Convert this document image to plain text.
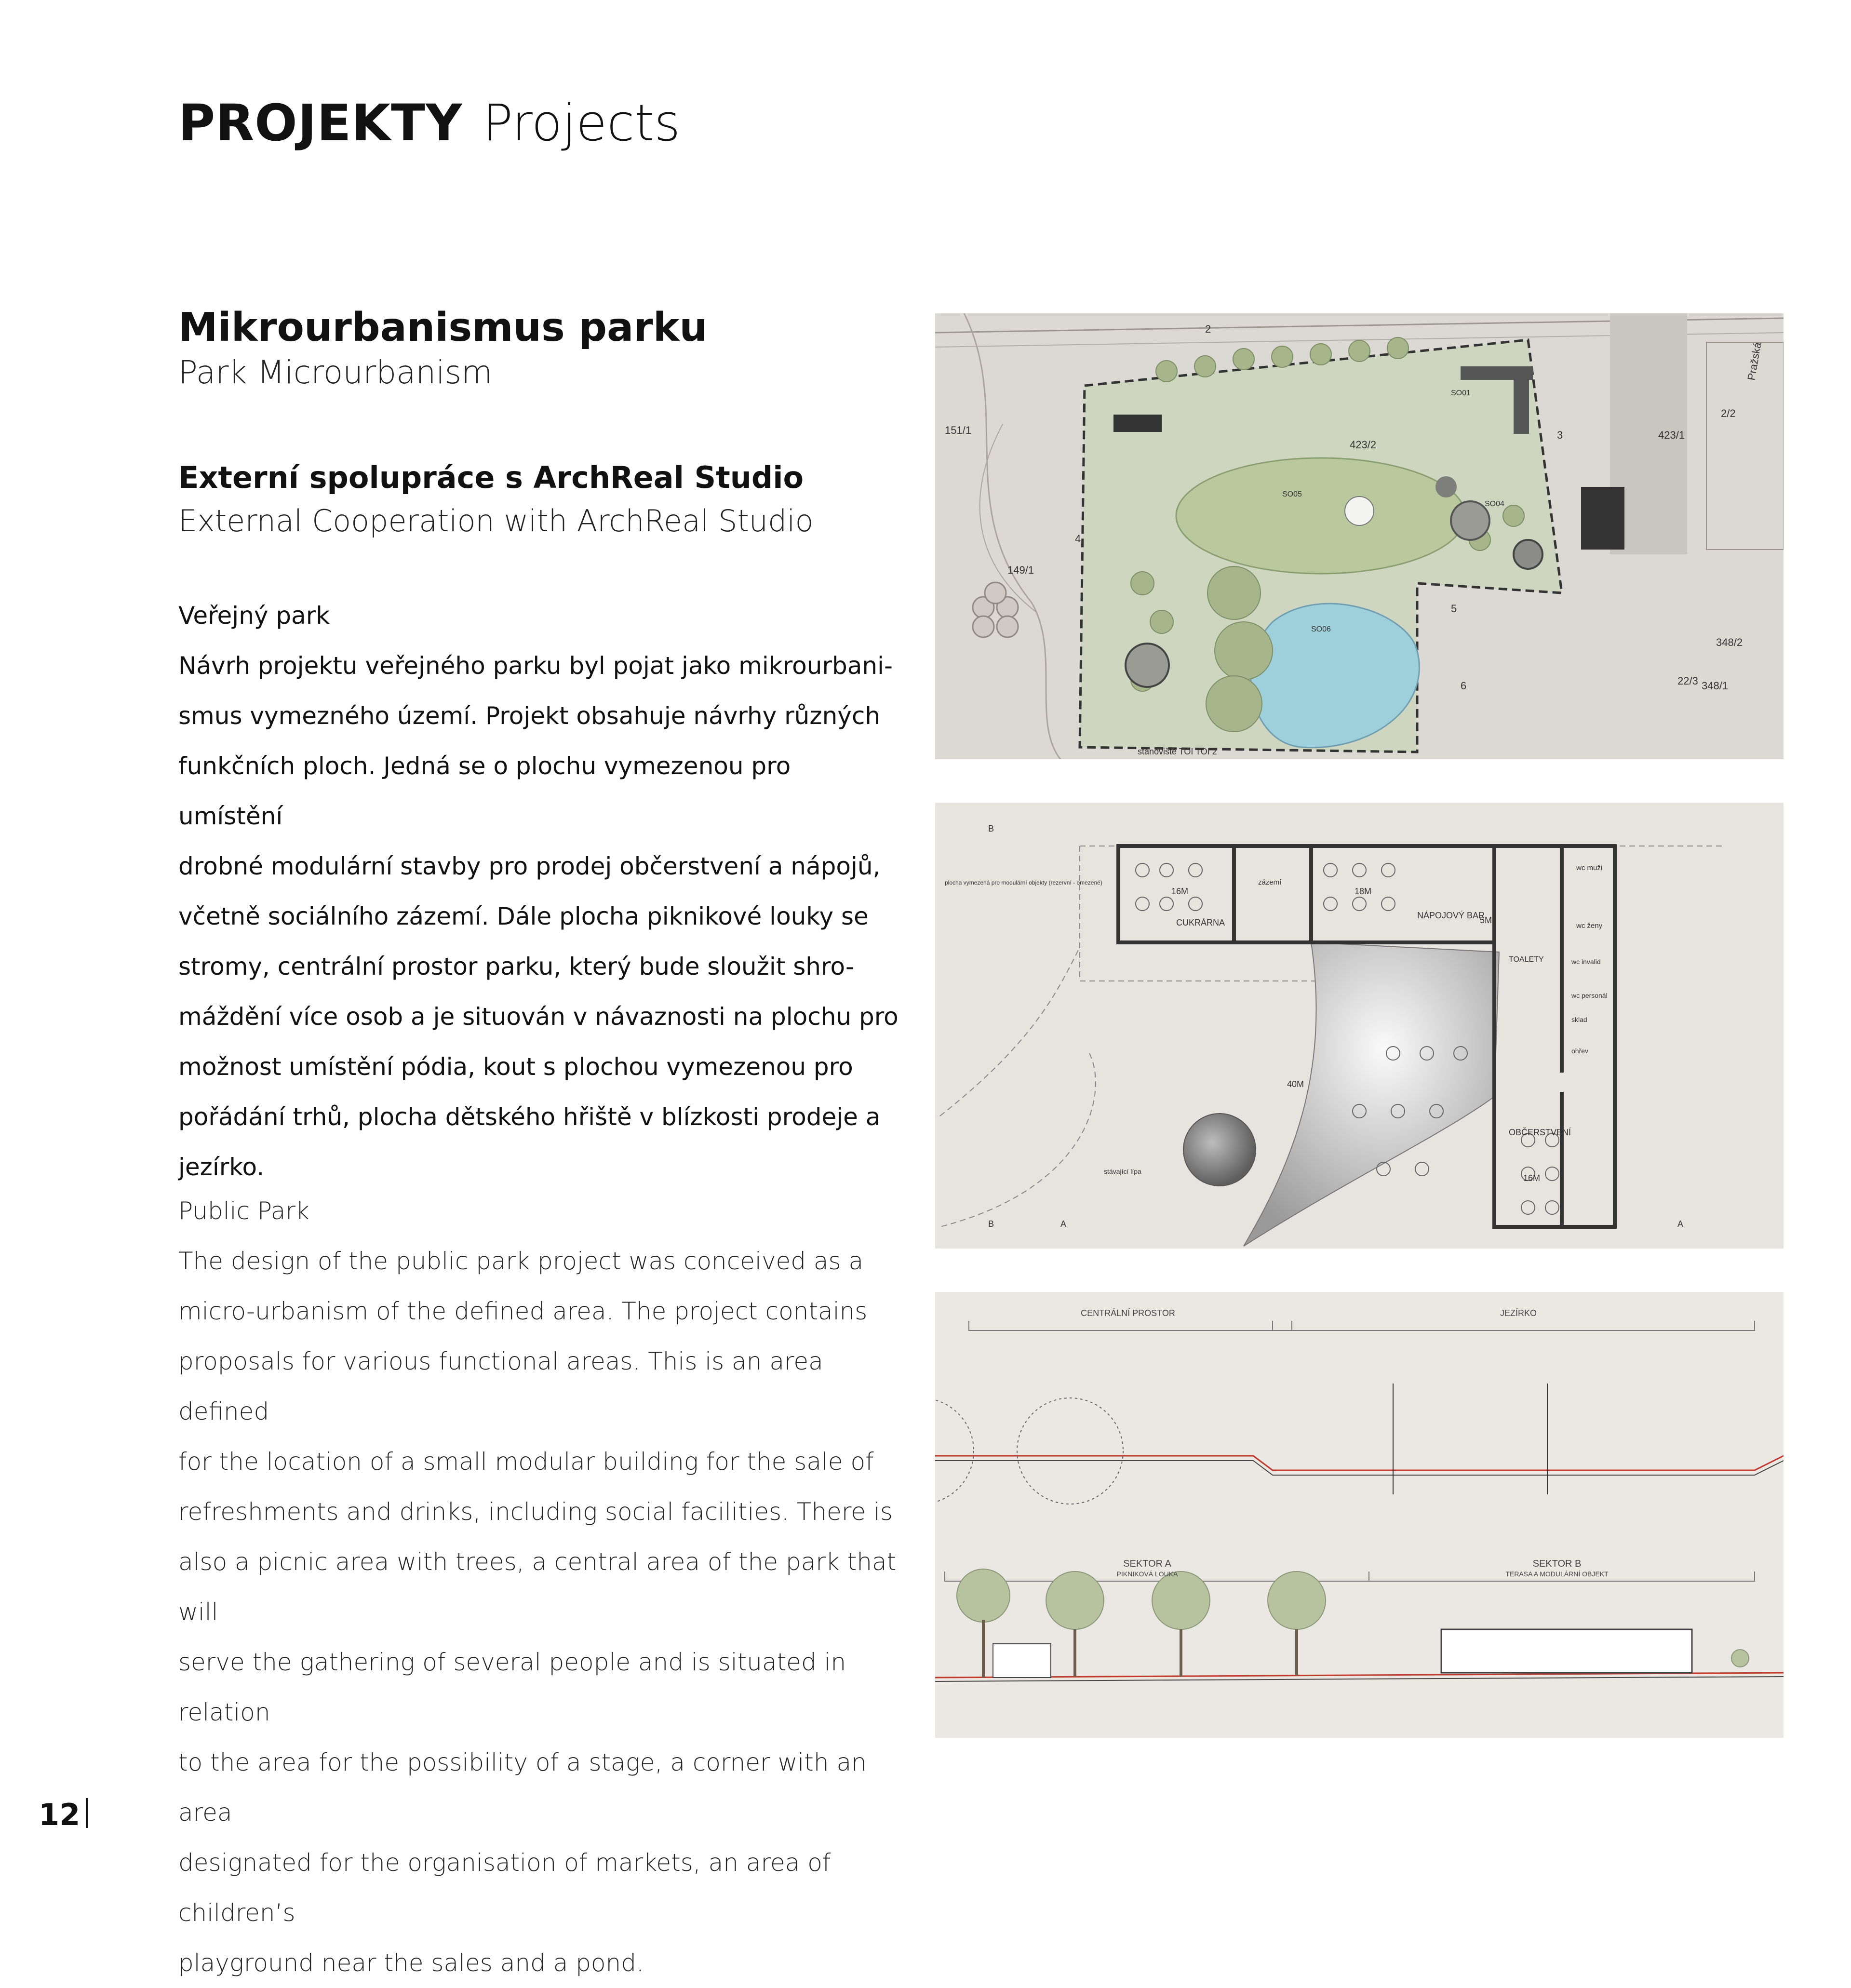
PROJEKTY Projects
Mikrourbanismus parku
Park Microurbanism
Externí spolupráce s ArchReal Studio
External Cooperation with ArchReal Studio
Veřejný park
Návrh projektu veřejného parku byl pojat jako mikrourbani-
smus vymezného území. Projekt obsahuje návrhy různých
funkčních ploch. Jedná se o plochu vymezenou pro umístění
drobné modulární stavby pro prodej občerstvení a nápojů,
včetně sociálního zázemí. Dále plocha piknikové louky se
stromy, centrální prostor parku, který bude sloužit shro-
máždění více osob a je situován v návaznosti na plochu pro
možnost umístění pódia, kout s plochou vymezenou pro
pořádání trhů, plocha dětského hřiště v blízkosti prodeje a
jezírko.
Public Park
The design of the public park project was conceived as a
micro-urbanism of the defined area. The project contains
proposals for various functional areas. This is an area defined
for the location of a small modular building for the sale of
refreshments and drinks, including social facilities. There is
also a picnic area with trees, a central area of the park that will
serve the gathering of several people and is situated in relation
to the area for the possibility of a stage, a corner with an area
designated for the organisation of markets, an area of children’s
playground near the sales and a pond.
Pražská
2/2
423/1
423/2
151/1
149/1
348/2
348/1
22/3
2
3
4
5
6
SO01
SO04
SO05
SO06
stanoviště TOI TOI 2
16M
CUKRÁRNA
18M
NÁPOJOVÝ BAR
5M
zázemí
wc muži
wc ženy
TOALETY	wc invalid
wc personál
sklad
ohřev
OBČERSTVENÍ
16M
40M
stávající lípa
plocha vymezená pro modulární objekty (rezervní - omezené)
A	A
B
B
CENTRÁLNÍ PROSTOR	JEZÍRKO
SEKTOR A
PIKNIKOVÁ LOUKA
SEKTOR B
TERASA A MODULÁRNÍ OBJEKT
12
